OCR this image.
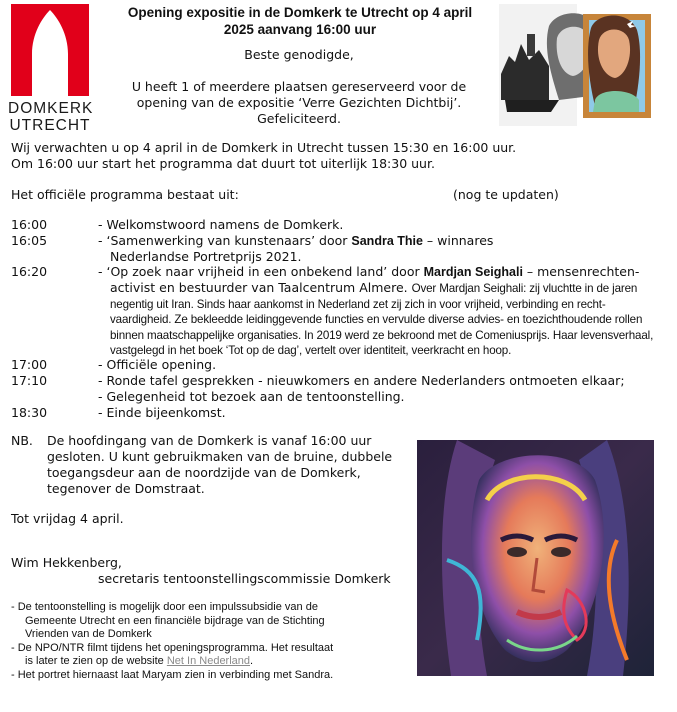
DOMKERK
UTRECHT
Opening expositie in de Domkerk te Utrecht op 4 april
2025 aanvang 16:00 uur

Beste genodigde,

U heeft 1 of meerdere plaatsen gereserveerd voor de

opening van de expositie ‘Verre Gezichten Dichtbij’.

Gefeliciteerd.

Wij verwachten u op 4 april in de Domkerk in Utrecht tussen 15:30 en 16:00 uur.
Om 16:00 uur start het programma dat duurt tot uiterlijk 18:30 uur.
Het officiële programma bestaat uit:	(nog te updaten)
16:00	- Welkomstwoord namens de Domkerk.
16:05	- ‘Samenwerking van kunstenaars’ door Sandra Thie – winnares
Nederlandse Portretprijs 2021.
16:20	- ‘Op zoek naar vrijheid in een onbekend land’ door Mardjan Seighali – mensenrechten-
activist en bestuurder van Taalcentrum Almere. Over Mardjan Seighali: zij vluchtte in de jaren
negentig uit Iran. Sinds haar aankomst in Nederland zet zij zich in voor vrijheid, verbinding en recht-
vaardigheid. Ze bekleedde leidinggevende functies en vervulde diverse advies- en toezichthoudende rollen
binnen maatschappelijke organisaties. In 2019 werd ze bekroond met de Comeniusprijs. Haar levensverhaal,
vastgelegd in het boek ‘Tot op de dag’, vertelt over identiteit, veerkracht en hoop.
17:00	- Officiële opening.
17:10	- Ronde tafel gesprekken - nieuwkomers en andere Nederlanders ontmoeten elkaar;
- Gelegenheid tot bezoek aan de tentoonstelling.
18:30	- Einde bijeenkomst.
NB. De hoofdingang van de Domkerk is vanaf 16:00 uur
gesloten. U kunt gebruikmaken van de bruine, dubbele
toegangsdeur aan de noordzijde van de Domkerk,
tegenover de Domstraat.
Tot vrijdag 4 april.
Wim Hekkenberg,
secretaris tentoonstellingscommissie Domkerk

- De tentoonstelling is mogelijk door een impulssubsidie van de

Gemeente Utrecht en een financiële bijdrage van de Stichting

Vrienden van de Domkerk

- De NPO/NTR filmt tijdens het openingsprogramma. Het resultaat

is later te zien op de website Net In Nederland.

- Het portret hiernaast laat Maryam zien in verbinding met Sandra.
